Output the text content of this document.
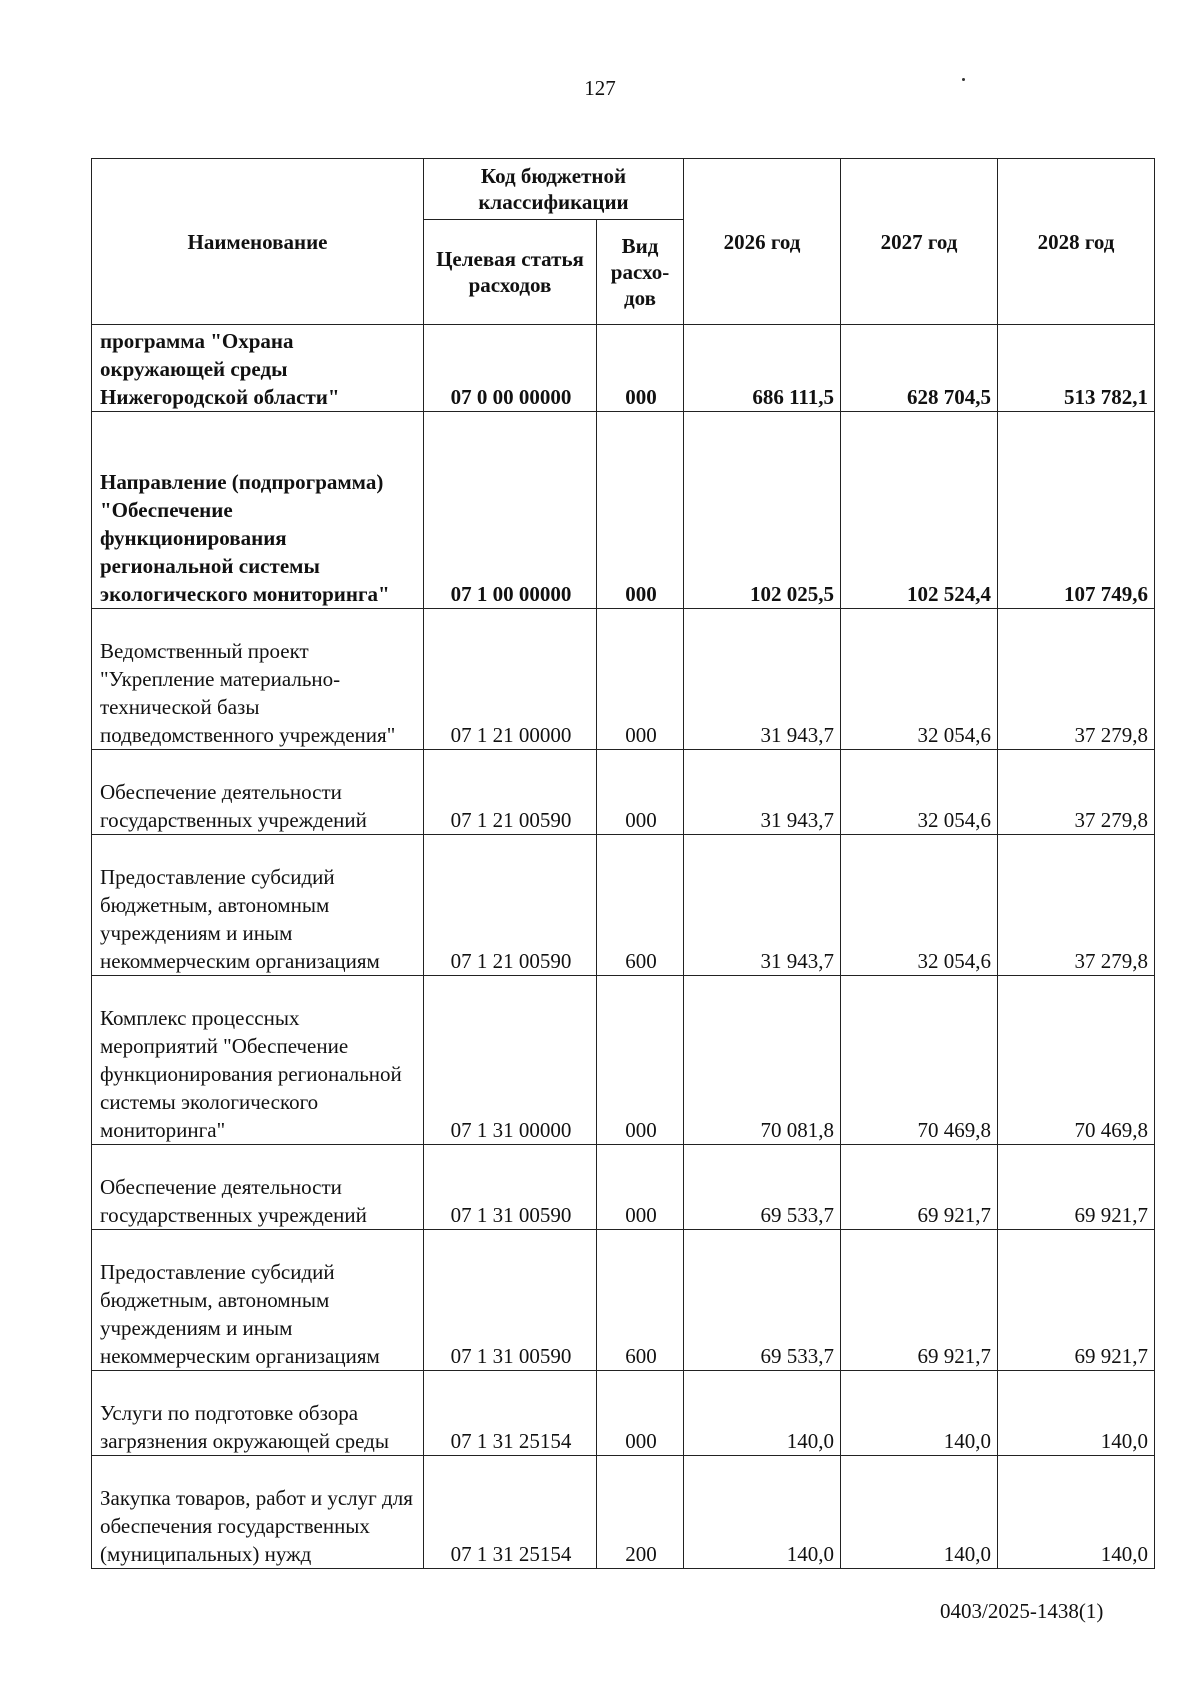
127
Наименование	Код бюджетной классификации		2026 год	2027 год	2028 год
	Целевая статья расходов	Вид расхо-дов			
программа "Охрана окружающей среды Нижегородской области"	07 0 00 00000	000	686 111,5	628 704,5	513 782,1
Направление (подпрограмма) "Обеспечение функционирования региональной системы экологического мониторинга"	07 1 00 00000	000	102 025,5	102 524,4	107 749,6
Ведомственный проект "Укрепление материально-технической базы подведомственного учреждения"	07 1 21 00000	000	31 943,7	32 054,6	37 279,8
Обеспечение деятельности государственных учреждений	07 1 21 00590	000	31 943,7	32 054,6	37 279,8
Предоставление субсидий бюджетным, автономным учреждениям и иным некоммерческим организациям	07 1 21 00590	600	31 943,7	32 054,6	37 279,8
Комплекс процессных мероприятий "Обеспечение функционирования региональной системы экологического мониторинга"	07 1 31 00000	000	70 081,8	70 469,8	70 469,8
Обеспечение деятельности государственных учреждений	07 1 31 00590	000	69 533,7	69 921,7	69 921,7
Предоставление субсидий бюджетным, автономным учреждениям и иным некоммерческим организациям	07 1 31 00590	600	69 533,7	69 921,7	69 921,7
Услуги по подготовке обзора загрязнения окружающей среды	07 1 31 25154	000	140,0	140,0	140,0
Закупка товаров, работ и услуг для обеспечения государственных (муниципальных) нужд	07 1 31 25154	200	140,0	140,0	140,0
0403/2025-1438(1)
